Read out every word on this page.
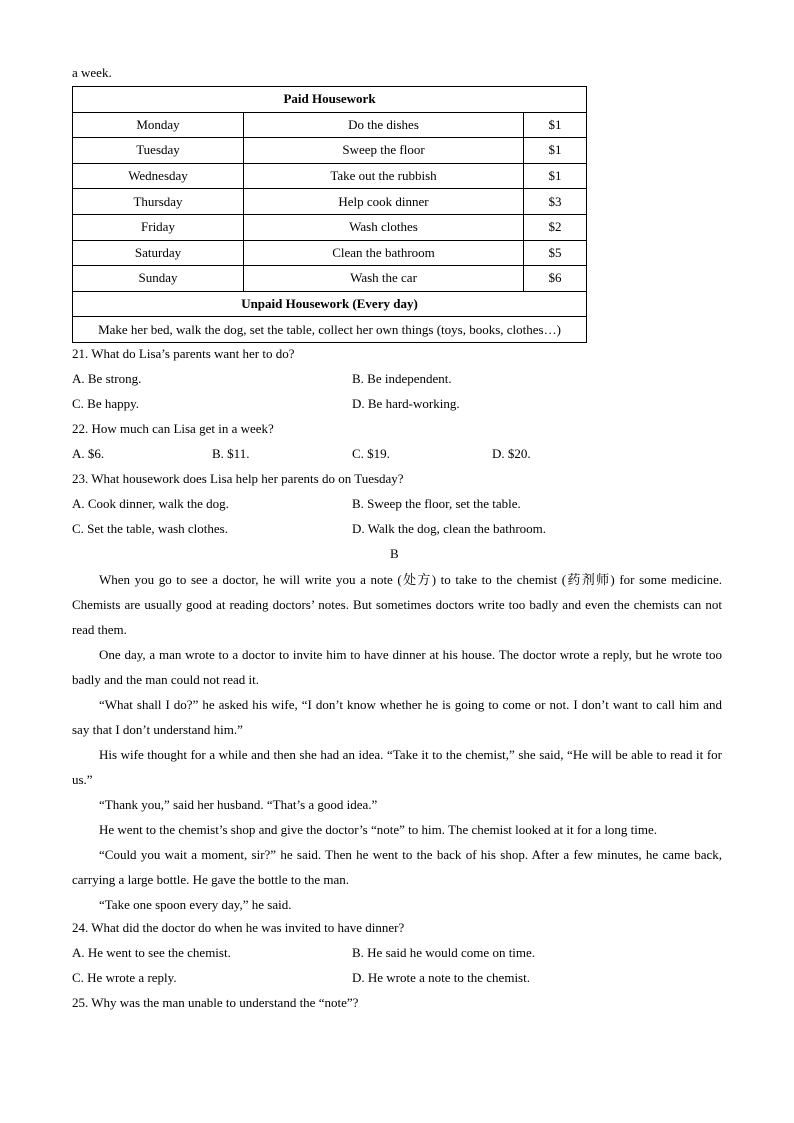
a week.
Paid Housework		
Monday	Do the dishes	$1
Tuesday	Sweep the floor	$1
Wednesday	Take out the rubbish	$1
Thursday	Help cook dinner	$3
Friday	Wash clothes	$2
Saturday	Clean the bathroom	$5
Sunday	Wash the car	$6
Unpaid Housework (Every day)		
Make her bed, walk the dog, set the table, collect her own things (toys, books, clothes…)		
21. What do Lisa’s parents want her to do?
A. Be strong.	B. Be independent.
C. Be happy.	D. Be hard-working.
22. How much can Lisa get in a week?
A. $6.	B. $11.	C. $19.	D. $20.
23. What housework does Lisa help her parents do on Tuesday?
A. Cook dinner, walk the dog.	B. Sweep the floor, set the table.
C. Set the table, wash clothes.	D. Walk the dog, clean the bathroom.
B
When you go to see a doctor, he will write you a note (处方) to take to the chemist (药剂师) for some medicine. Chemists are usually good at reading doctors’ notes. But sometimes doctors write too badly and even the chemists can not read them.
One day, a man wrote to a doctor to invite him to have dinner at his house. The doctor wrote a reply, but he wrote too badly and the man could not read it.
“What shall I do?” he asked his wife, “I don’t know whether he is going to come or not. I don’t want to call him and say that I don’t understand him.”
His wife thought for a while and then she had an idea. “Take it to the chemist,” she said, “He will be able to read it for us.”
“Thank you,” said her husband. “That’s a good idea.”
He went to the chemist’s shop and give the doctor’s “note” to him. The chemist looked at it for a long time.
“Could you wait a moment, sir?” he said. Then he went to the back of his shop. After a few minutes, he came back, carrying a large bottle. He gave the bottle to the man.
“Take one spoon every day,” he said.
24. What did the doctor do when he was invited to have dinner?
A. He went to see the chemist.	B. He said he would come on time.
C. He wrote a reply.	D. He wrote a note to the chemist.
25. Why was the man unable to understand the “note”?
